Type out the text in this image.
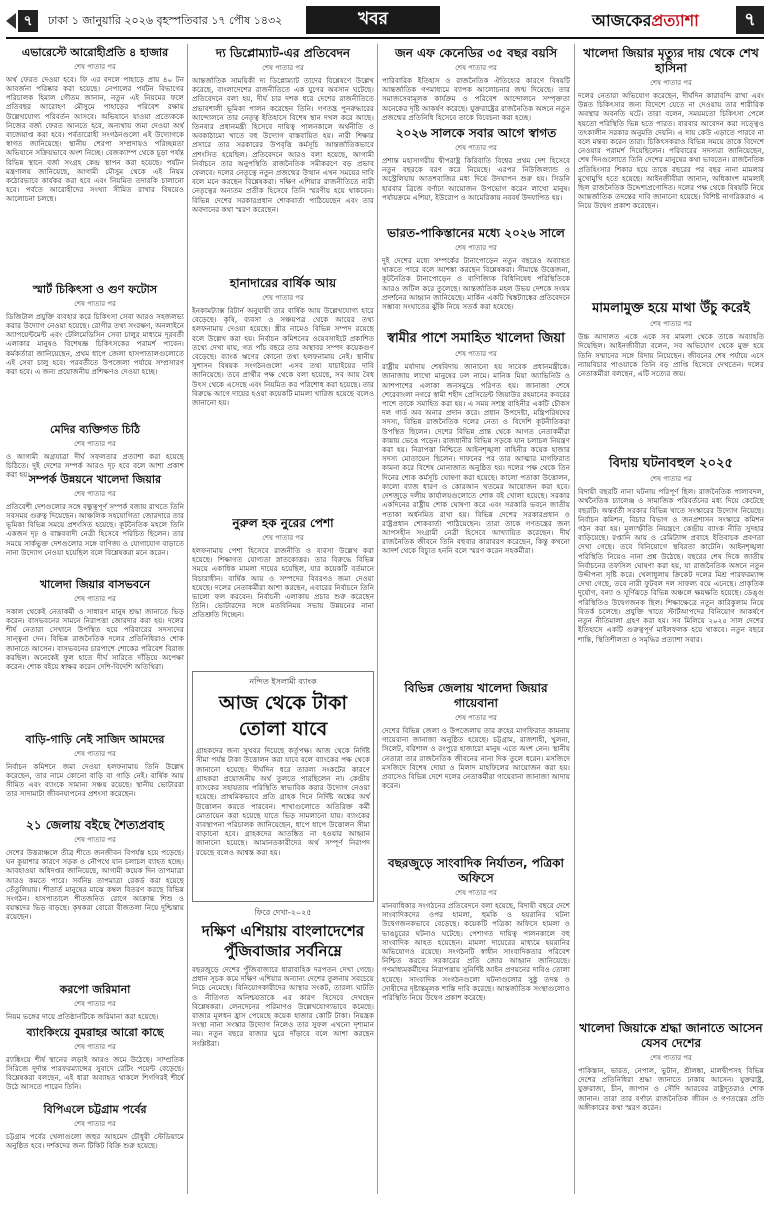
৭	ঢাকা ১ জানুয়ারি ২০২৬ বৃহস্পতিবার ১৭ পৌষ ১৪৩২	খবর	আজকেরপ্রত্যাশা	৭
এভারেস্টে আরোহীপ্রতি ৪ হাজার
শেষ পাতার পর
অর্থ ফেরত দেওয়া হবে। ফি এর বদলে পাহাড়ে প্রায় ৪০ টন আবর্জনা পরিষ্কার করা হয়েছে। নেপালের পর্যটন বিভাগের পরিচালক হিমাল গৌতম জানান, নতুন এই নিয়মের ফলে প্রতিবছর আরোহণ মৌসুমে পাহাড়ের পরিবেশ রক্ষায় উল্লেখযোগ্য পরিবর্তন আসবে। অভিযানে যাওয়া প্রত্যেককে নিজের বর্জ্য ফেরত আনতে হবে, অন্যথায় জমা দেওয়া অর্থ বাজেয়াপ্ত করা হবে। পর্বতারোহী সংগঠনগুলো এই উদ্যোগকে স্বাগত জানিয়েছে। স্থানীয় শেরপা সম্প্রদায়ও পরিচ্ছন্নতা অভিযানে সক্রিয়ভাবে অংশ নিচ্ছে। বেজক্যাম্প থেকে চূড়া পর্যন্ত বিভিন্ন স্থানে বর্জ্য সংগ্রহ কেন্দ্র স্থাপন করা হয়েছে। পর্যটন মন্ত্রণালয় জানিয়েছে, আগামী মৌসুম থেকে এই নিয়ম কঠোরভাবে কার্যকর করা হবে এবং নিয়মিত তদারকি চালানো হবে। পর্বতে আরোহীদের সংখ্যা সীমিত রাখার বিষয়েও আলোচনা চলছে।
স্মার্ট চিকিৎসা ও গুণ ফটোস
শেষ পাতার পর
ডিজিটাল প্রযুক্তি ব্যবহার করে চিকিৎসা সেবা আরও সহজলভ্য করার উদ্যোগ নেওয়া হয়েছে। রোগীর তথ্য সংরক্ষণ, অনলাইনে অ্যাপয়েন্টমেন্ট এবং টেলিমেডিসিন সেবা চালুর মাধ্যমে দূরবর্তী এলাকার মানুষও বিশেষজ্ঞ চিকিৎসকের পরামর্শ পাবেন। কর্মকর্তারা জানিয়েছেন, প্রথম ধাপে জেলা হাসপাতালগুলোতে এই সেবা চালু হবে। পরবর্তীতে উপজেলা পর্যায়ে সম্প্রসারণ করা হবে। এ জন্য প্রয়োজনীয় প্রশিক্ষণও দেওয়া হচ্ছে।
মেদির ব্যক্তিগত চিঠি
শেষ পাতার পর
ও আগামী অগ্রযাত্রা দীর্ঘ সফলতার প্রত্যাশা করা হয়েছে চিঠিতে। দুই দেশের সম্পর্ক আরও দৃঢ় হবে বলে আশা প্রকাশ করা হয়।
সম্পর্ক উন্নয়নে খালেদা জিয়ার
শেষ পাতার পর
প্রতিবেশী দেশগুলোর সঙ্গে বন্ধুত্বপূর্ণ সম্পর্ক বজায় রাখতে তিনি সবসময় গুরুত্ব দিয়েছেন। আঞ্চলিক সহযোগিতা জোরদারে তার ভূমিকা বিভিন্ন সময়ে প্রশংসিত হয়েছে। কূটনৈতিক মহলে তিনি একজন দৃঢ় ও বাস্তববাদী নেত্রী হিসেবে পরিচিত ছিলেন। তার সময়ে সার্কভুক্ত দেশগুলোর সঙ্গে বাণিজ্য ও যোগাযোগ বাড়াতে নানা উদ্যোগ নেওয়া হয়েছিল বলে বিশ্লেষকরা মনে করেন।
খালেদা জিয়ার বাসভবনে
শেষ পাতার পর
সকাল থেকেই নেতাকর্মী ও সাধারণ মানুষ শ্রদ্ধা জানাতে ভিড় করেন। বাসভবনের সামনে নিরাপত্তা জোরদার করা হয়। দলের শীর্ষ নেতারা সেখানে উপস্থিত হয়ে পরিবারের সদস্যদের সান্ত্বনা দেন। বিভিন্ন রাজনৈতিক দলের প্রতিনিধিরাও শোক জানাতে আসেন। বাসভবনের চারপাশে শোকের পরিবেশ বিরাজ করছিল। অনেকেই ফুল হাতে দীর্ঘ সারিতে দাঁড়িয়ে অপেক্ষা করেন। শোক বইয়ে স্বাক্ষর করেন দেশি-বিদেশি অতিথিরা।
বাড়ি-গাড়ি নেই সাজিদ আমদের
শেষ পাতার পর
নির্বাচন কমিশনে জমা দেওয়া হলফনামায় তিনি উল্লেখ করেছেন, তার নামে কোনো বাড়ি বা গাড়ি নেই। বার্ষিক আয় সীমিত এবং ব্যাংকে সামান্য সঞ্চয় রয়েছে। স্থানীয় ভোটাররা তার সাদামাটা জীবনযাপনের প্রশংসা করেছেন।
২১ জেলায় বইছে শৈত্যপ্রবাহ
শেষ পাতার পর
দেশের উত্তরাঞ্চলে তীব্র শীতে জনজীবন বিপর্যস্ত হয়ে পড়েছে। ঘন কুয়াশার কারণে সড়ক ও নৌপথে যান চলাচল ব্যাহত হচ্ছে। আবহাওয়া অধিদপ্তর জানিয়েছে, আগামী কয়েক দিন তাপমাত্রা আরও কমতে পারে। সর্বনিম্ন তাপমাত্রা রেকর্ড করা হয়েছে তেঁতুলিয়ায়। শীতার্ত মানুষের মাঝে কম্বল বিতরণ করছে বিভিন্ন সংগঠন। হাসপাতালে শীতজনিত রোগে আক্রান্ত শিশু ও বয়স্কদের ভিড় বাড়ছে। কৃষকরা বোরো বীজতলা নিয়ে দুশ্চিন্তায় রয়েছেন।
করপো জরিমানা
শেষ পাতার পর
নিয়ম ভঙ্গের দায়ে প্রতিষ্ঠানটিকে জরিমানা করা হয়েছে।
ব্যাংকিংয়ে বুমরাহর আরো কাছে
শেষ পাতার পর
র‍্যাঙ্কিংয়ে শীর্ষ স্থানের লড়াই আরও জমে উঠেছে। সাম্প্রতিক সিরিজে দুর্দান্ত পারফরম্যান্সের সুবাদে রেটিং পয়েন্ট বেড়েছে। বিশ্লেষকরা বলছেন, এই ধারা অব্যাহত থাকলে শিগগিরই শীর্ষে উঠে আসতে পারেন তিনি।
বিপিএলে চট্টগ্রাম পর্বের
শেষ পাতার পর
চট্টগ্রাম পর্বের খেলাগুলো জহুর আহমেদ চৌধুরী স্টেডিয়ামে অনুষ্ঠিত হবে। দর্শকদের জন্য টিকিট বিক্রি শুরু হয়েছে।
দ্য ডিপ্লোম্যাট-এর প্রতিবেদন
শেষ পাতার পর
আন্তর্জাতিক সাময়িকী দ্য ডিপ্লোম্যাট তাদের বিশ্লেষণে উল্লেখ করেছে, বাংলাদেশের রাজনীতিতে এক যুগের অবসান ঘটেছে। প্রতিবেদনে বলা হয়, দীর্ঘ চার দশক ধরে দেশের রাজনীতিতে প্রভাবশালী ভূমিকা পালন করেছেন তিনি। গণতন্ত্র পুনরুদ্ধারের আন্দোলনে তার নেতৃত্ব ইতিহাসে বিশেষ স্থান দখল করে আছে। তিনবার প্রধানমন্ত্রী হিসেবে দায়িত্ব পালনকালে অর্থনীতি ও অবকাঠামো খাতে বহু উদ্যোগ বাস্তবায়িত হয়। নারী শিক্ষার প্রসারে তার সরকারের উপবৃত্তি কর্মসূচি আন্তর্জাতিকভাবে প্রশংসিত হয়েছিল। প্রতিবেদনে আরও বলা হয়েছে, আগামী নির্বাচনে তার অনুপস্থিতি রাজনৈতিক সমীকরণে বড় প্রভাব ফেলবে। দলের নেতৃত্বে নতুন প্রজন্মের উত্থান এখন সময়ের দাবি বলে মনে করছেন বিশ্লেষকরা। দক্ষিণ এশিয়ার রাজনীতিতে নারী নেতৃত্বের অন্যতম প্রতীক হিসেবে তিনি স্মরণীয় হয়ে থাকবেন। বিভিন্ন দেশের সরকারপ্রধান শোকবার্তা পাঠিয়েছেন এবং তার অবদানের কথা স্মরণ করেছেন।
হানাদারের বার্ষিক আয়
শেষ পাতার পর
ইনকামট্যাক্স রিটার্ন অনুযায়ী তার বার্ষিক আয় উল্লেখযোগ্য হারে বেড়েছে। কৃষি, ব্যবসা ও সঞ্চয়পত্র থেকে আয়ের তথ্য হলফনামায় দেওয়া হয়েছে। স্ত্রীর নামেও বিভিন্ন সম্পদ রয়েছে বলে উল্লেখ করা হয়। নির্বাচন কমিশনের ওয়েবসাইটে প্রকাশিত তথ্যে দেখা যায়, গত পাঁচ বছরে তার অস্থাবর সম্পদ কয়েকগুণ বেড়েছে। ব্যাংক ঋণের কোনো তথ্য হলফনামায় নেই। স্থানীয় সুশাসন বিষয়ক সংগঠনগুলো এসব তথ্য যাচাইয়ের দাবি জানিয়েছে। তবে প্রার্থীর পক্ষ থেকে বলা হয়েছে, সব আয় বৈধ উৎস থেকে এসেছে এবং নিয়মিত কর পরিশোধ করা হয়েছে। তার বিরুদ্ধে আগে দায়ের হওয়া কয়েকটি মামলা খারিজ হয়েছে বলেও জানানো হয়।
নুরুল হক নুরের পেশা
শেষ পাতার পর
হলফনামায় পেশা হিসেবে রাজনীতি ও ব্যবসা উল্লেখ করা হয়েছে। শিক্ষাগত যোগ্যতা স্নাতকোত্তর। তার বিরুদ্ধে বিভিন্ন সময়ে একাধিক মামলা দায়ের হয়েছিল, যার কয়েকটি বর্তমানে বিচারাধীন। বার্ষিক আয় ও সম্পদের বিবরণও জমা দেওয়া হয়েছে। দলের নেতাকর্মীরা আশা করছেন, এবারের নির্বাচনে তিনি ভালো ফল করবেন। নির্বাচনী এলাকায় প্রচার শুরু করেছেন তিনি। ভোটারদের সঙ্গে মতবিনিময় সভায় উন্নয়নের নানা প্রতিশ্রুতি দিচ্ছেন।
নন্দিত ইসলামী ব্যাংক
আজ থেকে টাকা তোলা যাবে
গ্রাহকদের জন্য সুখবর দিয়েছে কর্তৃপক্ষ। আজ থেকে নির্দিষ্ট সীমা পর্যন্ত টাকা উত্তোলন করা যাবে বলে ব্যাংকের পক্ষ থেকে জানানো হয়েছে। দীর্ঘদিন ধরে তারল্য সংকটের কারণে গ্রাহকরা প্রয়োজনীয় অর্থ তুলতে পারছিলেন না। কেন্দ্রীয় ব্যাংকের সহায়তায় পরিস্থিতি স্বাভাবিক করার উদ্যোগ নেওয়া হয়েছে। প্রাথমিকভাবে প্রতি গ্রাহক দিনে নির্দিষ্ট অঙ্কের অর্থ উত্তোলন করতে পারবেন। শাখাগুলোতে অতিরিক্ত কর্মী মোতায়েন করা হয়েছে যাতে ভিড় সামলানো যায়। ব্যাংকের ব্যবস্থাপনা পরিচালক জানিয়েছেন, ধাপে ধাপে উত্তোলন সীমা বাড়ানো হবে। গ্রাহকদের আতঙ্কিত না হওয়ার আহ্বান জানানো হয়েছে। আমানতকারীদের অর্থ সম্পূর্ণ নিরাপদ রয়েছে বলেও আশ্বস্ত করা হয়।
ফিরে দেখা-২০২৫
দক্ষিণ এশিয়ায় বাংলাদেশের পুঁজিবাজার সর্বনিম্নে
বছরজুড়ে দেশের পুঁজিবাজারে ধারাবাহিক দরপতন দেখা গেছে। প্রধান সূচক কমে দক্ষিণ এশিয়ার অন্যান্য দেশের তুলনায় সবচেয়ে নিচে নেমেছে। বিনিয়োগকারীদের আস্থার সংকট, তারল্য ঘাটতি ও নীতিগত অনিশ্চয়তাকে এর কারণ হিসেবে দেখছেন বিশ্লেষকরা। লেনদেনের পরিমাণও উল্লেখযোগ্যভাবে কমেছে। বাজার মূলধন হ্রাস পেয়েছে কয়েক হাজার কোটি টাকা। নিয়ন্ত্রক সংস্থা নানা সংস্কার উদ্যোগ নিলেও তার সুফল এখনো দৃশ্যমান নয়। নতুন বছরে বাজার ঘুরে দাঁড়াবে বলে আশা করছেন সংশ্লিষ্টরা।
জন এফ কেনেডির ৩৫ বছর বয়সি
শেষ পাতার পর
পারিবারিক ইতিহাস ও রাজনৈতিক ঐতিহ্যের কারণে বিষয়টি আন্তর্জাতিক গণমাধ্যমে ব্যাপক আলোচনার জন্ম দিয়েছে। তার সমাজসেবামূলক কার্যক্রম ও পরিবেশ আন্দোলনে সম্পৃক্ততা অনেকের দৃষ্টি আকর্ষণ করেছে। যুক্তরাষ্ট্রের রাজনৈতিক অঙ্গনে নতুন প্রজন্মের প্রতিনিধি হিসেবে তাকে বিবেচনা করা হচ্ছে।
২০২৬ সালকে সবার আগে স্বাগত
শেষ পাতার পর
প্রশান্ত মহাসাগরীয় দ্বীপরাষ্ট্র কিরিবাতি বিশ্বের প্রথম দেশ হিসেবে নতুন বছরকে বরণ করে নিয়েছে। এরপর নিউজিল্যান্ড ও অস্ট্রেলিয়ায় আতশবাজির মধ্য দিয়ে উদযাপন শুরু হয়। সিডনি হারবার ব্রিজে বর্ণাঢ্য আয়োজন উপভোগ করেন লাখো মানুষ। পর্যায়ক্রমে এশিয়া, ইউরোপ ও আমেরিকায় নববর্ষ উদযাপিত হয়।
ভারত-পাকিস্তানের মধ্যে ২০২৬ সালে
শেষ পাতার পর
দুই দেশের মধ্যে সম্পর্কের টানাপোড়েন নতুন বছরেও অব্যাহত থাকতে পারে বলে আশঙ্কা করছেন বিশ্লেষকরা। সীমান্তে উত্তেজনা, কূটনৈতিক টানাপোড়েন ও বাণিজ্যিক বিধিনিষেধ পরিস্থিতিকে আরও জটিল করে তুলেছে। আন্তর্জাতিক মহল উভয় দেশকে সংযম প্রদর্শনের আহ্বান জানিয়েছে। মার্কিন একটি থিঙ্কট্যাঙ্কের প্রতিবেদনে সম্ভাব্য সংঘাতের ঝুঁকি নিয়ে সতর্ক করা হয়েছে।
স্বামীর পাশে সমাহিত খালেদা জিয়া
শেষ পাতার পর
রাষ্ট্রীয় মর্যাদায় শেষবিদায় জানানো হয় সাবেক প্রধানমন্ত্রীকে। জানাজায় লাখো মানুষের ঢল নামে। মানিক মিয়া অ্যাভিনিউ ও আশপাশের এলাকা জনসমুদ্রে পরিণত হয়। জানাজা শেষে শেরেবাংলা নগরে স্বামী শহীদ প্রেসিডেন্ট জিয়াউর রহমানের কবরের পাশে তাকে সমাহিত করা হয়। এ সময় সশস্ত্র বাহিনীর একটি চৌকস দল গার্ড অব অনার প্রদান করে। প্রধান উপদেষ্টা, মন্ত্রিপরিষদের সদস্য, বিভিন্ন রাজনৈতিক দলের নেতা ও বিদেশি কূটনীতিকরা উপস্থিত ছিলেন। দেশের বিভিন্ন প্রান্ত থেকে আগত নেতাকর্মীরা কান্নায় ভেঙে পড়েন। রাজধানীর বিভিন্ন সড়কে যান চলাচল নিয়ন্ত্রণ করা হয়। নিরাপত্তা নিশ্চিতে আইনশৃঙ্খলা বাহিনীর কয়েক হাজার সদস্য মোতায়েন ছিলেন। দাফনের পর তার আত্মার মাগফিরাত কামনা করে বিশেষ মোনাজাত অনুষ্ঠিত হয়। দলের পক্ষ থেকে তিন দিনের শোক কর্মসূচি ঘোষণা করা হয়েছে। কালো পতাকা উত্তোলন, কালো ব্যাজ ধারণ ও কোরআন খতমের আয়োজন করা হবে। দেশজুড়ে দলীয় কার্যালয়গুলোতে শোক বই খোলা হয়েছে। সরকার একদিনের রাষ্ট্রীয় শোক ঘোষণা করে এবং সরকারি ভবনে জাতীয় পতাকা অর্ধনমিত রাখা হয়। বিভিন্ন দেশের সরকারপ্রধান ও রাষ্ট্রপ্রধান শোকবার্তা পাঠিয়েছেন। তারা তাকে গণতন্ত্রের জন্য আপসহীন সংগ্রামী নেত্রী হিসেবে আখ্যায়িত করেছেন। দীর্ঘ রাজনৈতিক জীবনে তিনি বহুবার কারাবরণ করেছেন, কিন্তু কখনো আদর্শ থেকে বিচ্যুত হননি বলে স্মরণ করেন সহকর্মীরা।
বিভিন্ন জেলায় খালেদা জিয়ার গায়েবানা
শেষ পাতার পর
দেশের বিভিন্ন জেলা ও উপজেলায় তার রুহের মাগফিরাত কামনায় গায়েবানা জানাজা অনুষ্ঠিত হয়েছে। চট্টগ্রাম, রাজশাহী, খুলনা, সিলেট, বরিশাল ও রংপুরে হাজারো মানুষ এতে অংশ নেন। স্থানীয় নেতারা তার রাজনৈতিক জীবনের নানা দিক তুলে ধরেন। মসজিদে মসজিদে বিশেষ দোয়া ও মিলাদ মাহফিলের আয়োজন করা হয়। প্রবাসেও বিভিন্ন দেশে দলের নেতাকর্মীরা গায়েবানা জানাজা আদায় করেন।
বছরজুড়ে সাংবাদিক নির্যাতন, পত্রিকা অফিসে
শেষ পাতার পর
মানবাধিকার সংগঠনের প্রতিবেদনে বলা হয়েছে, বিদায়ী বছরে দেশে সাংবাদিকদের ওপর হামলা, হুমকি ও হয়রানির ঘটনা উদ্বেগজনকভাবে বেড়েছে। কয়েকটি পত্রিকা অফিসে হামলা ও ভাঙচুরের ঘটনাও ঘটেছে। পেশাগত দায়িত্ব পালনকালে বহু সাংবাদিক আহত হয়েছেন। মামলা দায়েরের মাধ্যমে হয়রানির অভিযোগও রয়েছে। সংগঠনটি স্বাধীন সাংবাদিকতার পরিবেশ নিশ্চিত করতে সরকারের প্রতি জোর আহ্বান জানিয়েছে। গণমাধ্যমকর্মীদের নিরাপত্তায় সুনির্দিষ্ট আইন প্রণয়নের দাবিও তোলা হয়েছে। সাংবাদিক সংগঠনগুলো ঘটনাগুলোর সুষ্ঠু তদন্ত ও দোষীদের দৃষ্টান্তমূলক শাস্তি দাবি করেছে। আন্তর্জাতিক সংস্থাগুলোও পরিস্থিতি নিয়ে উদ্বেগ প্রকাশ করেছে।
খালেদা জিয়ার মৃত্যুর দায় থেকে শেখ হাসিনা
শেষ পাতার পর
দলের নেতারা অভিযোগ করেছেন, দীর্ঘদিন কারাবন্দি রাখা এবং উন্নত চিকিৎসার জন্য বিদেশে যেতে না দেওয়ায় তার শারীরিক অবস্থার অবনতি ঘটে। তারা বলেন, সময়মতো চিকিৎসা পেলে হয়তো পরিস্থিতি ভিন্ন হতে পারত। বারবার আবেদন করা সত্ত্বেও তৎকালীন সরকার অনুমতি দেয়নি। এ দায় কেউ এড়াতে পারবে না বলে মন্তব্য করেন তারা। চিকিৎসকরাও বিভিন্ন সময়ে তাকে বিদেশে নেওয়ার পরামর্শ দিয়েছিলেন। পরিবারের সদস্যরা জানিয়েছেন, শেষ দিনগুলোতে তিনি দেশের মানুষের কথা ভাবতেন। রাজনৈতিক প্রতিহিংসার শিকার হয়ে তাকে বছরের পর বছর নানা মামলার মুখোমুখি হতে হয়েছে। আইনজীবীরা জানান, অধিকাংশ মামলাই ছিল রাজনৈতিক উদ্দেশ্যপ্রণোদিত। দলের পক্ষ থেকে বিষয়টি নিয়ে আন্তর্জাতিক তদন্তের দাবি জানানো হয়েছে। বিশিষ্ট নাগরিকরাও এ নিয়ে উদ্বেগ প্রকাশ করেছেন।
মামলামুক্ত হয়ে মাথা উঁচু করেই
শেষ পাতার পর
উচ্চ আদালত একে একে সব মামলা থেকে তাকে অব্যাহতি দিয়েছিল। আইনজীবীরা বলেন, সব অভিযোগ থেকে মুক্ত হয়ে তিনি সম্মানের সঙ্গে বিদায় নিয়েছেন। জীবনের শেষ পর্যায়ে এসে ন্যায়বিচার পাওয়াকে তিনি বড় প্রাপ্তি হিসেবে দেখতেন। দলের নেতাকর্মীরা বলছেন, এটি সত্যের জয়।
বিদায় ঘটনাবহুল ২০২৫
শেষ পাতার পর
বিদায়ী বছরটি নানা ঘটনায় পরিপূর্ণ ছিল। রাজনৈতিক পালাবদল, অর্থনৈতিক চ্যালেঞ্জ ও সামাজিক পরিবর্তনের মধ্য দিয়ে কেটেছে বছরটি। অন্তর্বর্তী সরকার বিভিন্ন খাতে সংস্কারের উদ্যোগ নিয়েছে। নির্বাচন কমিশন, বিচার বিভাগ ও জনপ্রশাসন সংস্কারে কমিশন গঠন করা হয়। মূল্যস্ফীতি নিয়ন্ত্রণে কেন্দ্রীয় ব্যাংক নীতি সুদহার বাড়িয়েছে। রপ্তানি আয় ও রেমিট্যান্স প্রবাহে ইতিবাচক প্রবণতা দেখা গেছে। তবে বিনিয়োগে স্থবিরতা কাটেনি। আইনশৃঙ্খলা পরিস্থিতি নিয়েও নানা প্রশ্ন উঠেছে। বছরের শেষ দিকে জাতীয় নির্বাচনের তফসিল ঘোষণা করা হয়, যা রাজনৈতিক অঙ্গনে নতুন উদ্দীপনা সৃষ্টি করে। খেলাধুলায় ক্রিকেট দলের মিশ্র পারফরম্যান্স দেখা গেছে, তবে নারী ফুটবল দল সাফল্য বয়ে এনেছে। প্রাকৃতিক দুর্যোগ, বন্যা ও ঘূর্ণিঝড়ে বিভিন্ন অঞ্চলে ক্ষয়ক্ষতি হয়েছে। ডেঙ্গু পরিস্থিতিও উদ্বেগজনক ছিল। শিক্ষাক্ষেত্রে নতুন কারিকুলাম নিয়ে বিতর্ক চলেছে। প্রযুক্তি খাতে স্টার্টআপদের বিনিয়োগ আকর্ষণে নতুন নীতিমালা গ্রহণ করা হয়। সব মিলিয়ে ২০২৫ সাল দেশের ইতিহাসে একটি গুরুত্বপূর্ণ মাইলফলক হয়ে থাকবে। নতুন বছরে শান্তি, স্থিতিশীলতা ও সমৃদ্ধির প্রত্যাশা সবার।
খালেদা জিয়াকে শ্রদ্ধা জানাতে আসেন যেসব দেশের
শেষ পাতার পর
পাকিস্তান, ভারত, নেপাল, ভুটান, শ্রীলঙ্কা, মালদ্বীপসহ বিভিন্ন দেশের প্রতিনিধিরা শ্রদ্ধা জানাতে ঢাকায় আসেন। যুক্তরাষ্ট্র, যুক্তরাজ্য, চীন, জাপান ও সৌদি আরবের রাষ্ট্রদূতরাও শোক জানান। তারা তার বর্ণাঢ্য রাজনৈতিক জীবন ও গণতন্ত্রের প্রতি অঙ্গীকারের কথা স্মরণ করেন।
